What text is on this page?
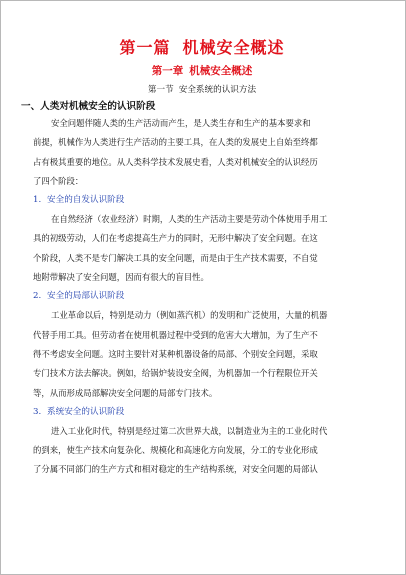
第一篇 机械安全概述
第一章 机械安全概述
第一节 安全系统的认识方法
一、人类对机械安全的认识阶段
安全问题伴随人类的生产活动而产生，是人类生存和生产的基本要求和
前提，机械作为人类进行生产活动的主要工具，在人类的发展史上自始至终都
占有极其重要的地位。从人类科学技术发展史看，人类对机械安全的认识经历
了四个阶段：
1. 安全的自发认识阶段
在自然经济（农业经济）时期，人类的生产活动主要是劳动个体使用手用工
具的初级劳动，人们在考虑提高生产力的同时，无形中解决了安全问题。在这
个阶段，人类不是专门解决工具的安全问题，而是由于生产技术需要，不自觉
地附带解决了安全问题，因而有很大的盲目性。
2. 安全的局部认识阶段
工业革命以后，特别是动力（例如蒸汽机）的发明和广泛使用，大量的机器
代替手用工具。但劳动者在使用机器过程中受到的危害大大增加，为了生产不
得不考虑安全问题。这时主要针对某种机器设备的局部、个别安全问题，采取
专门技术方法去解决。例如，给锅炉装设安全阀，为机器加一个行程限位开关
等，从而形成局部解决安全问题的局部专门技术。
3. 系统安全的认识阶段
进入工业化时代，特别是经过第二次世界大战，以制造业为主的工业化时代
的到来，使生产技术向复杂化、规模化和高速化方向发展，分工的专业化形成
了分属不同部门的生产方式和相对稳定的生产结构系统，对安全问题的局部认
